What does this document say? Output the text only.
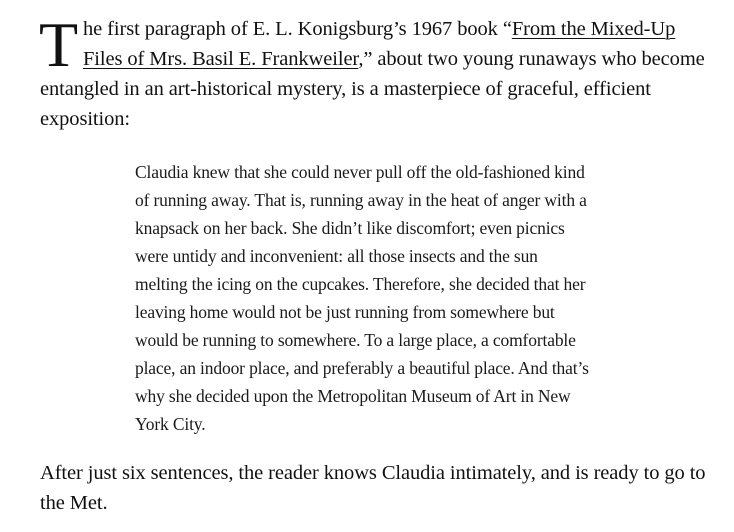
The first paragraph of E. L. Konigsburg’s 1967 book “From the Mixed-Up Files of Mrs. Basil E. Frankweiler,” about two young runaways who become entangled in an art-historical mystery, is a masterpiece of graceful, efficient exposition:

Claudia knew that she could never pull off the old-fashioned kind
of running away. That is, running away in the heat of anger with a
knapsack on her back. She didn’t like discomfort; even picnics
were untidy and inconvenient: all those insects and the sun
melting the icing on the cupcakes. Therefore, she decided that her
leaving home would not be just running from somewhere but
would be running to somewhere. To a large place, a comfortable
place, an indoor place, and preferably a beautiful place. And that’s
why she decided upon the Metropolitan Museum of Art in New
York City.

After just six sentences, the reader knows Claudia intimately, and is ready to go to the Met.
